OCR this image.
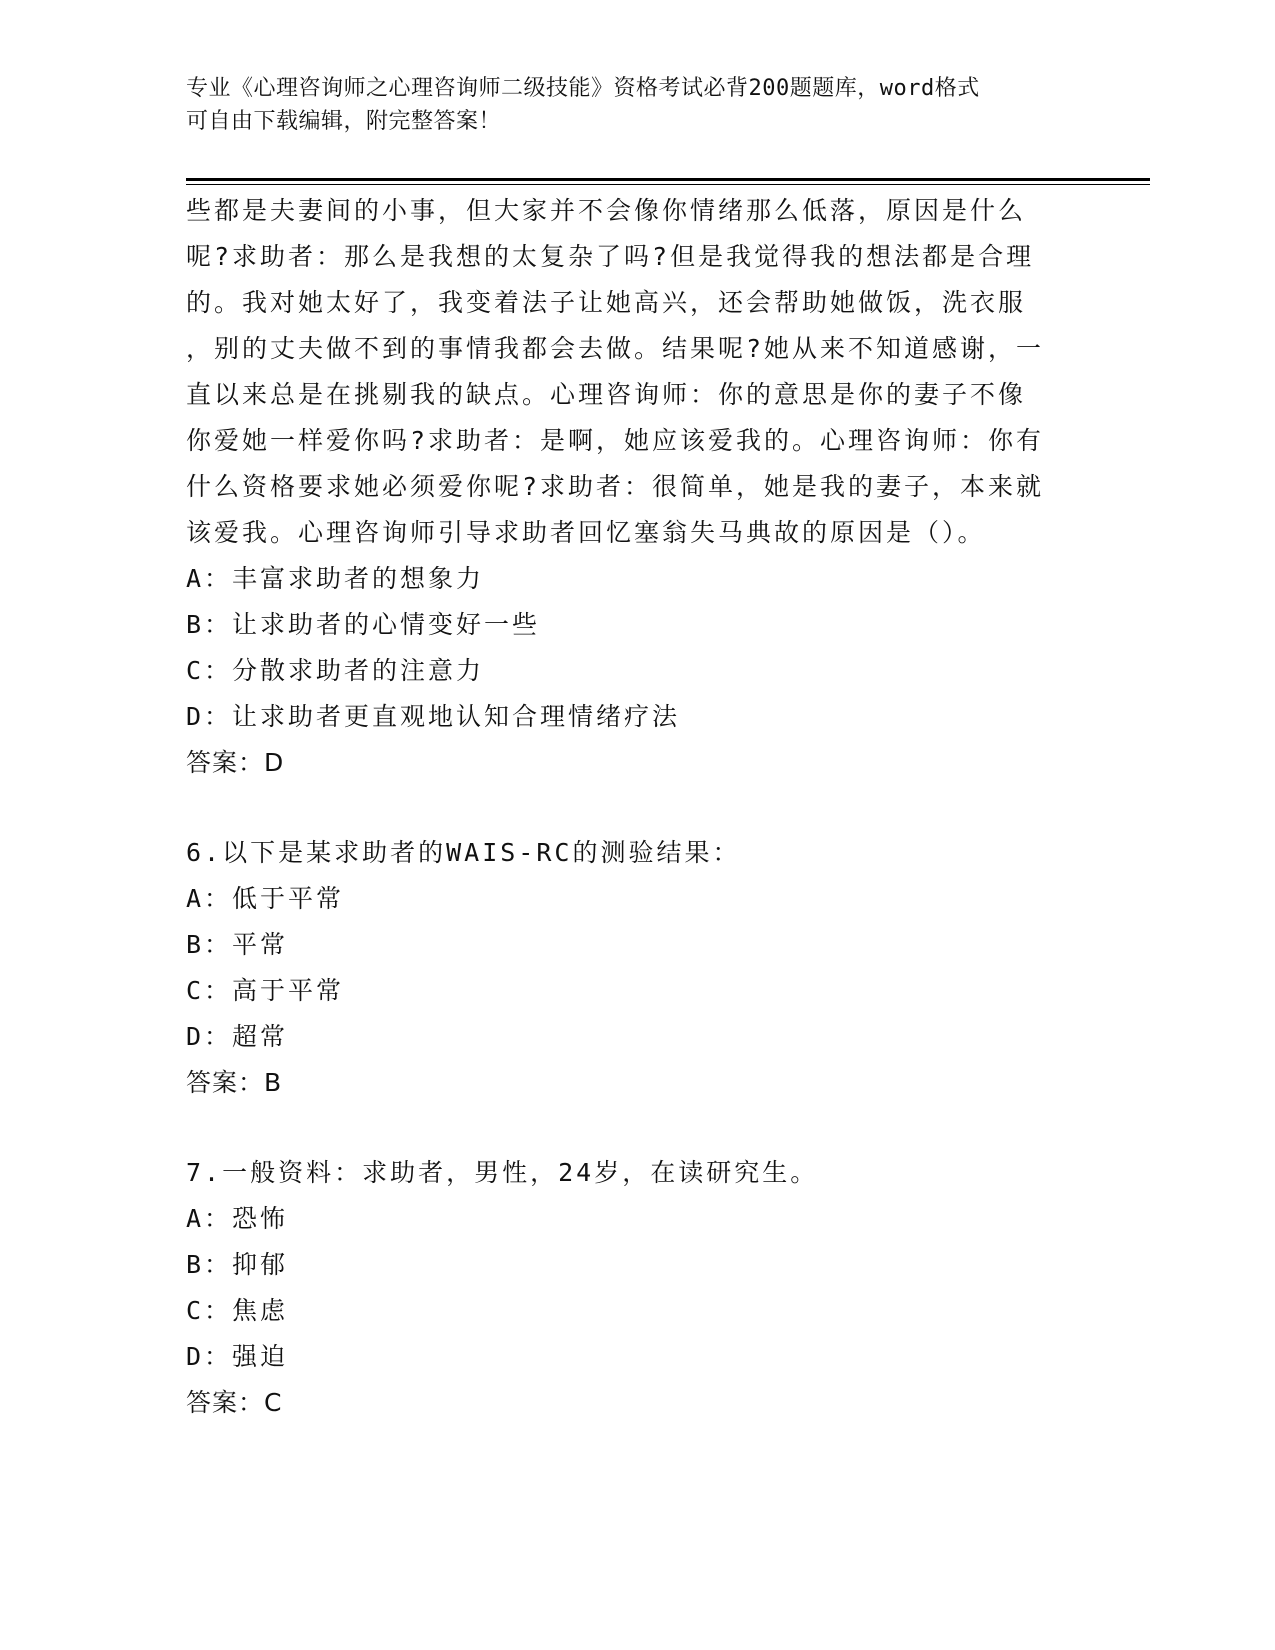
专业《心理咨询师之心理咨询师二级技能》资格考试必背200题题库，word格式
可自由下载编辑，附完整答案！
些都是夫妻间的小事，但大家并不会像你情绪那么低落，原因是什么
呢?求助者：那么是我想的太复杂了吗?但是我觉得我的想法都是合理
的。我对她太好了，我变着法子让她高兴，还会帮助她做饭，洗衣服
，别的丈夫做不到的事情我都会去做。结果呢?她从来不知道感谢，一
直以来总是在挑剔我的缺点。心理咨询师：你的意思是你的妻子不像
你爱她一样爱你吗?求助者：是啊，她应该爱我的。心理咨询师：你有
什么资格要求她必须爱你呢?求助者：很简单，她是我的妻子，本来就
该爱我。心理咨询师引导求助者回忆塞翁失马典故的原因是（）。
A：丰富求助者的想象力
B：让求助者的心情变好一些
C：分散求助者的注意力
D：让求助者更直观地认知合理情绪疗法
答案：D
6.以下是某求助者的WAIS-RC的测验结果：
A：低于平常
B：平常
C：高于平常
D：超常
答案：B
7.一般资料：求助者，男性，24岁，在读研究生。
A：恐怖
B：抑郁
C：焦虑
D：强迫
答案：C
